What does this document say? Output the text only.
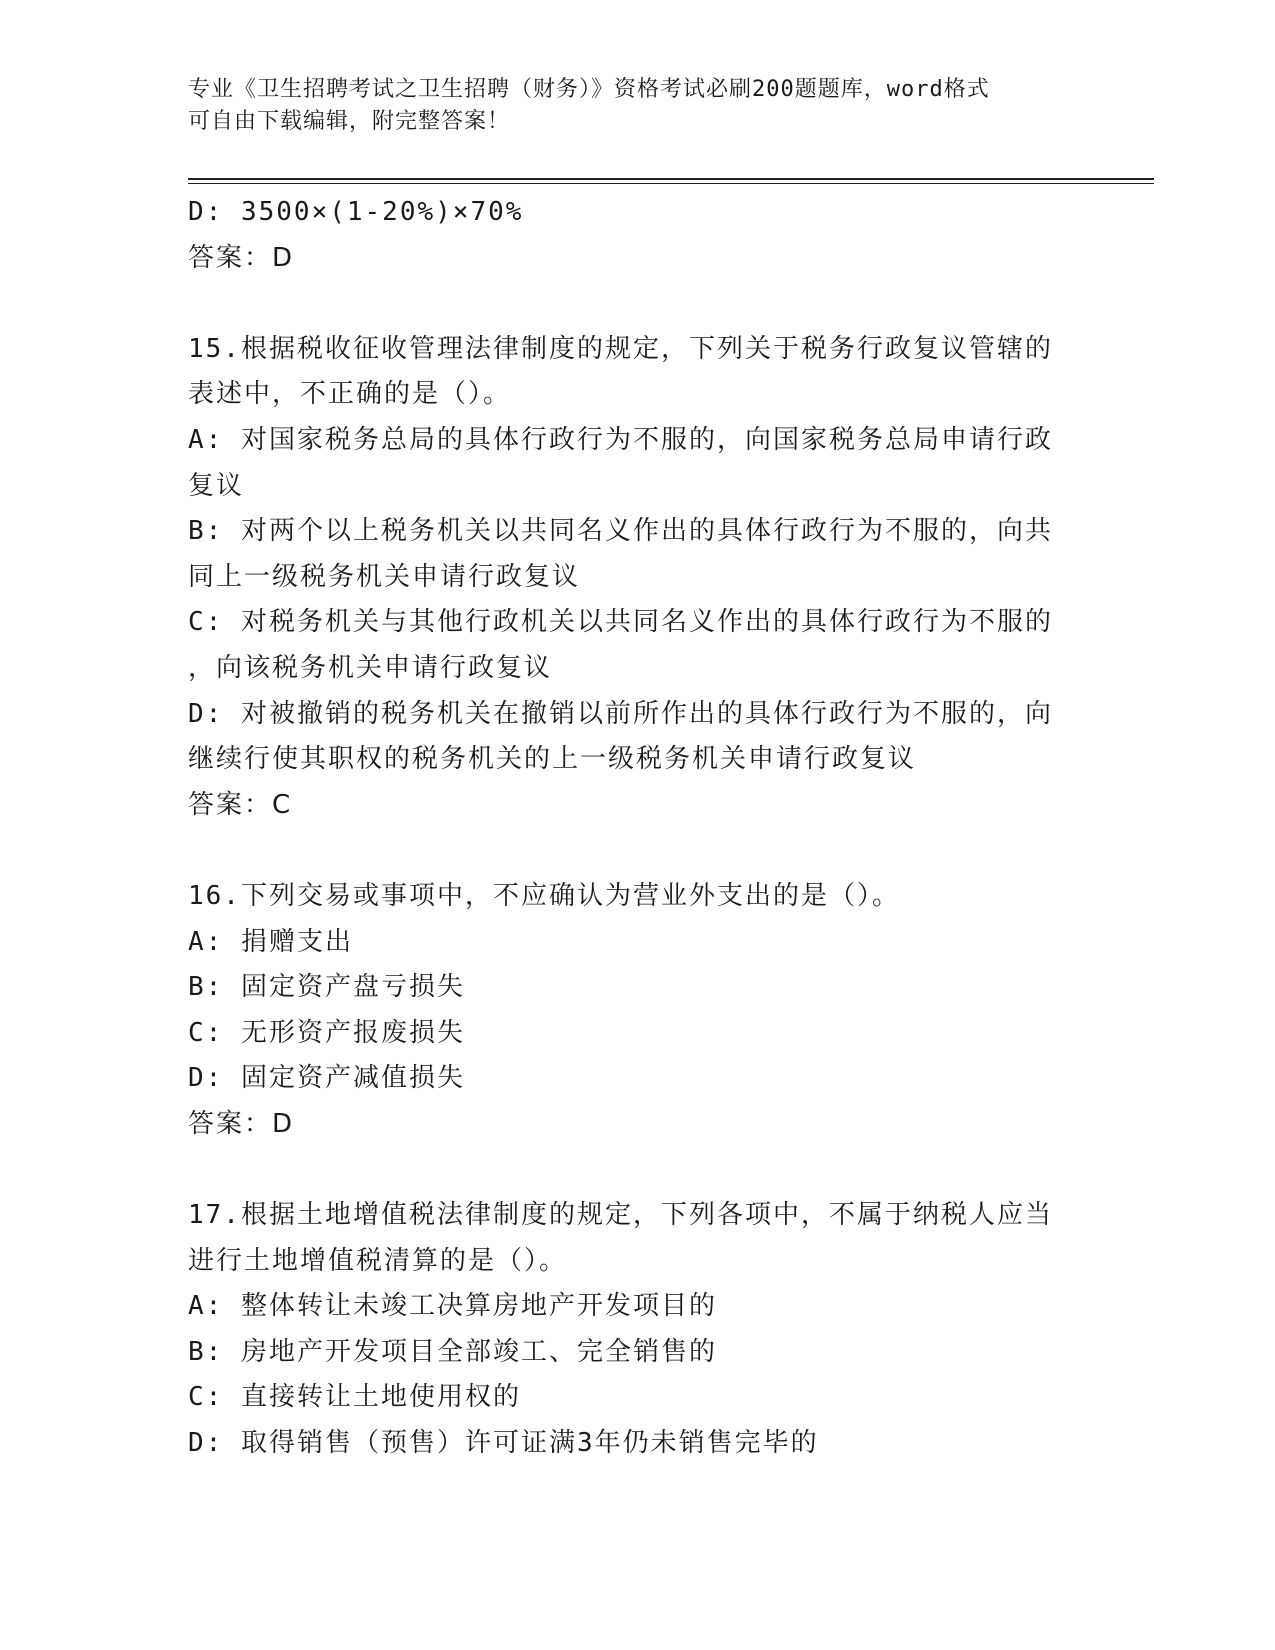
专业《卫生招聘考试之卫生招聘（财务）》资格考试必刷200题题库，word格式
可自由下载编辑，附完整答案！

D: 3500×(1-20%)×70%

答案：D

15.根据税收征收管理法律制度的规定，下列关于税务行政复议管辖的

表述中，不正确的是（）。

A: 对国家税务总局的具体行政行为不服的，向国家税务总局申请行政

复议

B: 对两个以上税务机关以共同名义作出的具体行政行为不服的，向共

同上一级税务机关申请行政复议

C: 对税务机关与其他行政机关以共同名义作出的具体行政行为不服的

，向该税务机关申请行政复议

D: 对被撤销的税务机关在撤销以前所作出的具体行政行为不服的，向

继续行使其职权的税务机关的上一级税务机关申请行政复议

答案：C

16.下列交易或事项中，不应确认为营业外支出的是（）。

A: 捐赠支出

B: 固定资产盘亏损失

C: 无形资产报废损失

D: 固定资产减值损失

答案：D

17.根据土地增值税法律制度的规定，下列各项中，不属于纳税人应当

进行土地增值税清算的是（）。

A: 整体转让未竣工决算房地产开发项目的

B: 房地产开发项目全部竣工、完全销售的

C: 直接转让土地使用权的

D: 取得销售（预售）许可证满3年仍未销售完毕的
